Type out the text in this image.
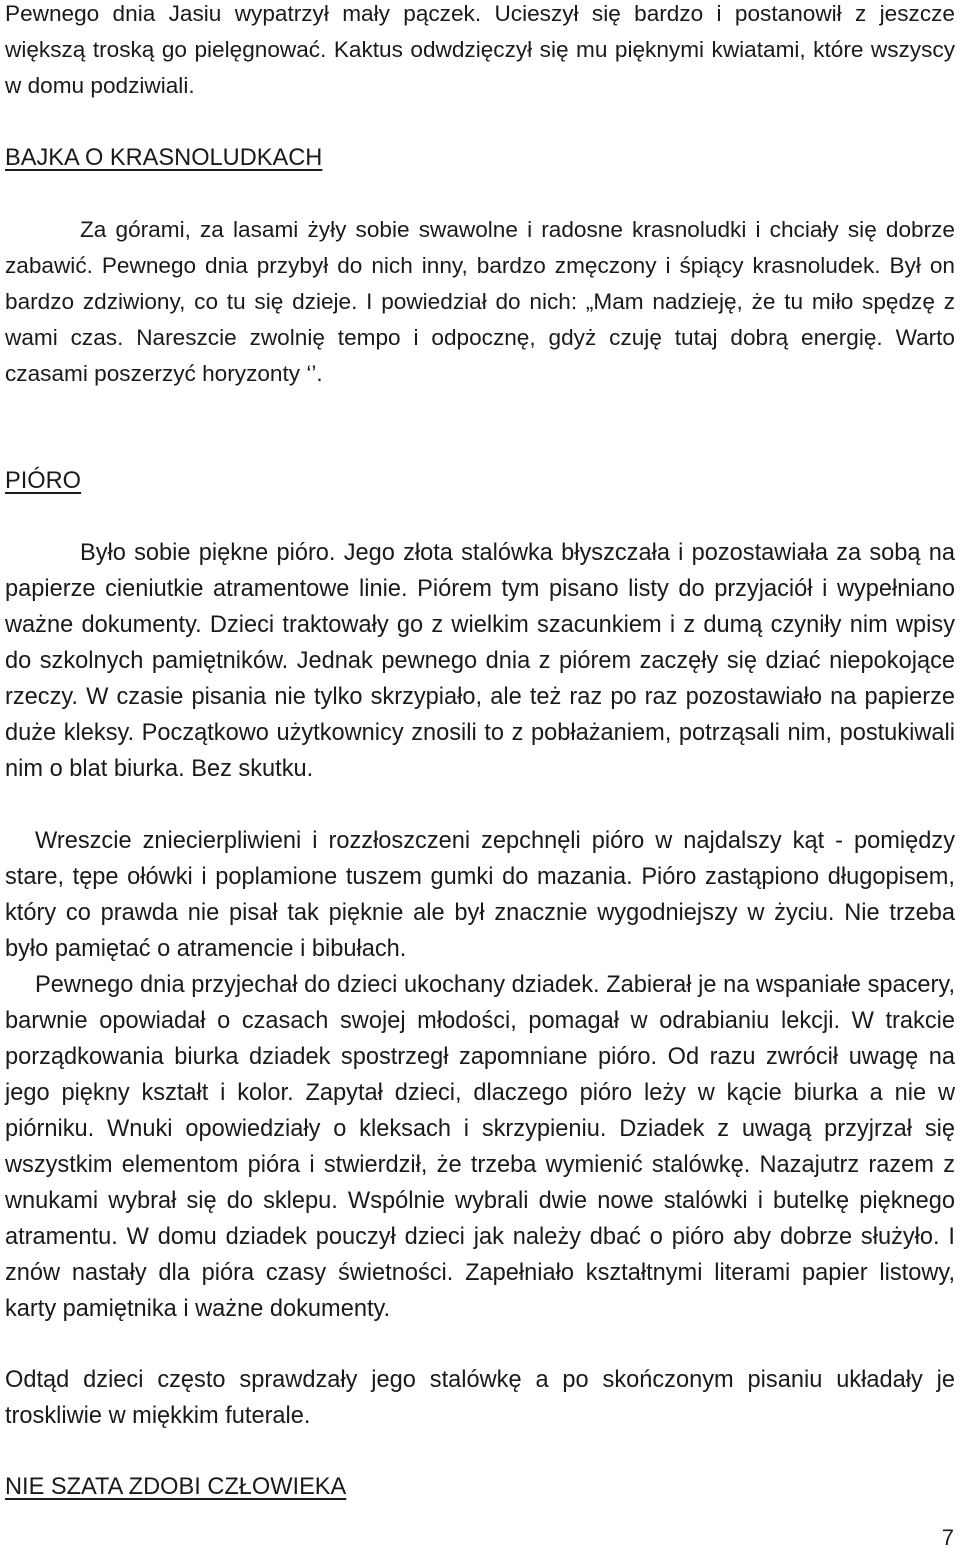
Pewnego dnia Jasiu wypatrzył mały pączek. Ucieszył się bardzo i postanowił z jeszcze większą troską go pielęgnować. Kaktus odwdzięczył się mu pięknymi kwiatami, które wszyscy w domu podziwiali.

BAJKA O KRASNOLUDKACH

Za górami, za lasami żyły sobie swawolne i radosne krasnoludki i chciały się dobrze zabawić. Pewnego dnia przybył do nich inny, bardzo zmęczony i śpiący krasnoludek. Był on bardzo zdziwiony, co tu się dzieje. I powiedział do nich: „Mam nadzieję, że tu miło spędzę z wami czas. Nareszcie zwolnię tempo i odpocznę, gdyż czuję tutaj dobrą energię. Warto czasami poszerzyć horyzonty ‘’.

PIÓRO

Było sobie piękne pióro. Jego złota stalówka błyszczała i pozostawiała za sobą na papierze cieniutkie atramentowe linie. Piórem tym pisano listy do przyjaciół i wypełniano ważne dokumenty. Dzieci traktowały go z wielkim szacunkiem i z dumą czyniły nim wpisy do szkolnych pamiętników. Jednak pewnego dnia z piórem zaczęły się dziać niepokojące rzeczy. W czasie pisania nie tylko skrzypiało, ale też raz po raz pozostawiało na papierze duże kleksy. Początkowo użytkownicy znosili to z pobłażaniem, potrząsali nim, postukiwali nim o blat biurka. Bez skutku.

Wreszcie zniecierpliwieni i rozzłoszczeni zepchnęli pióro w najdalszy kąt - pomiędzy stare, tępe ołówki i poplamione tuszem gumki do mazania. Pióro zastąpiono długopisem, który co prawda nie pisał tak pięknie ale był znacznie wygodniejszy w życiu. Nie trzeba było pamiętać o atramencie i bibułach.

Pewnego dnia przyjechał do dzieci ukochany dziadek. Zabierał je na wspaniałe spacery, barwnie opowiadał o czasach swojej młodości, pomagał w odrabianiu lekcji. W trakcie porządkowania biurka dziadek spostrzegł zapomniane pióro. Od razu zwrócił uwagę na jego piękny kształt i kolor. Zapytał dzieci, dlaczego pióro leży w kącie biurka a nie w piórniku. Wnuki opowiedziały o kleksach i skrzypieniu. Dziadek z uwagą przyjrzał się wszystkim elementom pióra i stwierdził, że trzeba wymienić stalówkę. Nazajutrz razem z wnukami wybrał się do sklepu. Wspólnie wybrali dwie nowe stalówki i butelkę pięknego atramentu. W domu dziadek pouczył dzieci jak należy dbać o pióro aby dobrze służyło. I znów nastały dla pióra czasy świetności. Zapełniało kształtnymi literami papier listowy, karty pamiętnika i ważne dokumenty.

Odtąd dzieci często sprawdzały jego stalówkę a po skończonym pisaniu układały je troskliwie w miękkim futerale.

NIE SZATA ZDOBI CZŁOWIEKA
7
